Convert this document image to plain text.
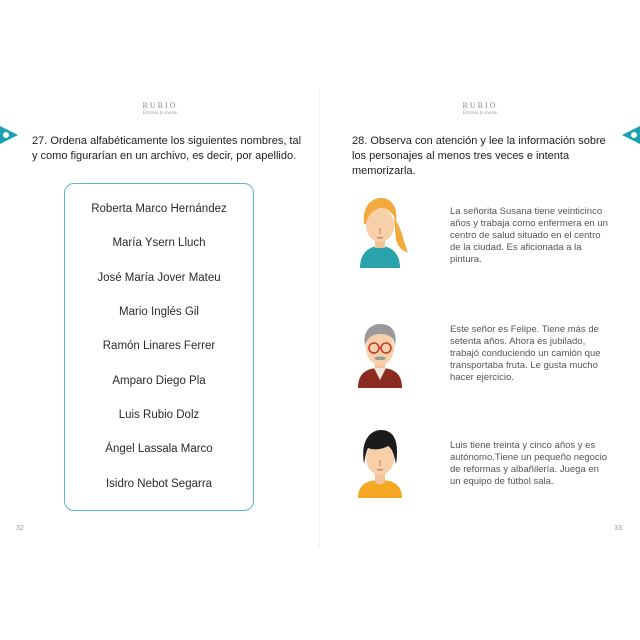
RUBIO
Entrena tu mente
27. Ordena alfabéticamente los siguientes nombres, tal y como figurarían en un archivo, es decir, por apellido.
Roberta Marco Hernández
María Ysern Lluch
José María Jover Mateu
Mario Inglés Gil
Ramón Linares Ferrer
Amparo Diego Pla
Luis Rubio Dolz
Ángel Lassala Marco
Isidro Nebot Segarra
32
RUBIO
Entrena tu mente
28. Observa con atención y lee la información sobre los personajes al menos tres veces e intenta memorizarla.
La señorita Susana tiene veinticinco años y trabaja como enfermera en un centro de salud situado en el centro de la ciudad. Es aficionada a la pintura.
Este señor es Felipe. Tiene más de setenta años. Ahora es jubilado, trabajó conduciendo un camión que transportaba fruta. Le gusta mucho hacer ejercicio.
Luis tiene treinta y cinco años y es autónomo.Tiene un pequeño negocio de reformas y albañilería. Juega en un equipo de fútbol sala.
33
